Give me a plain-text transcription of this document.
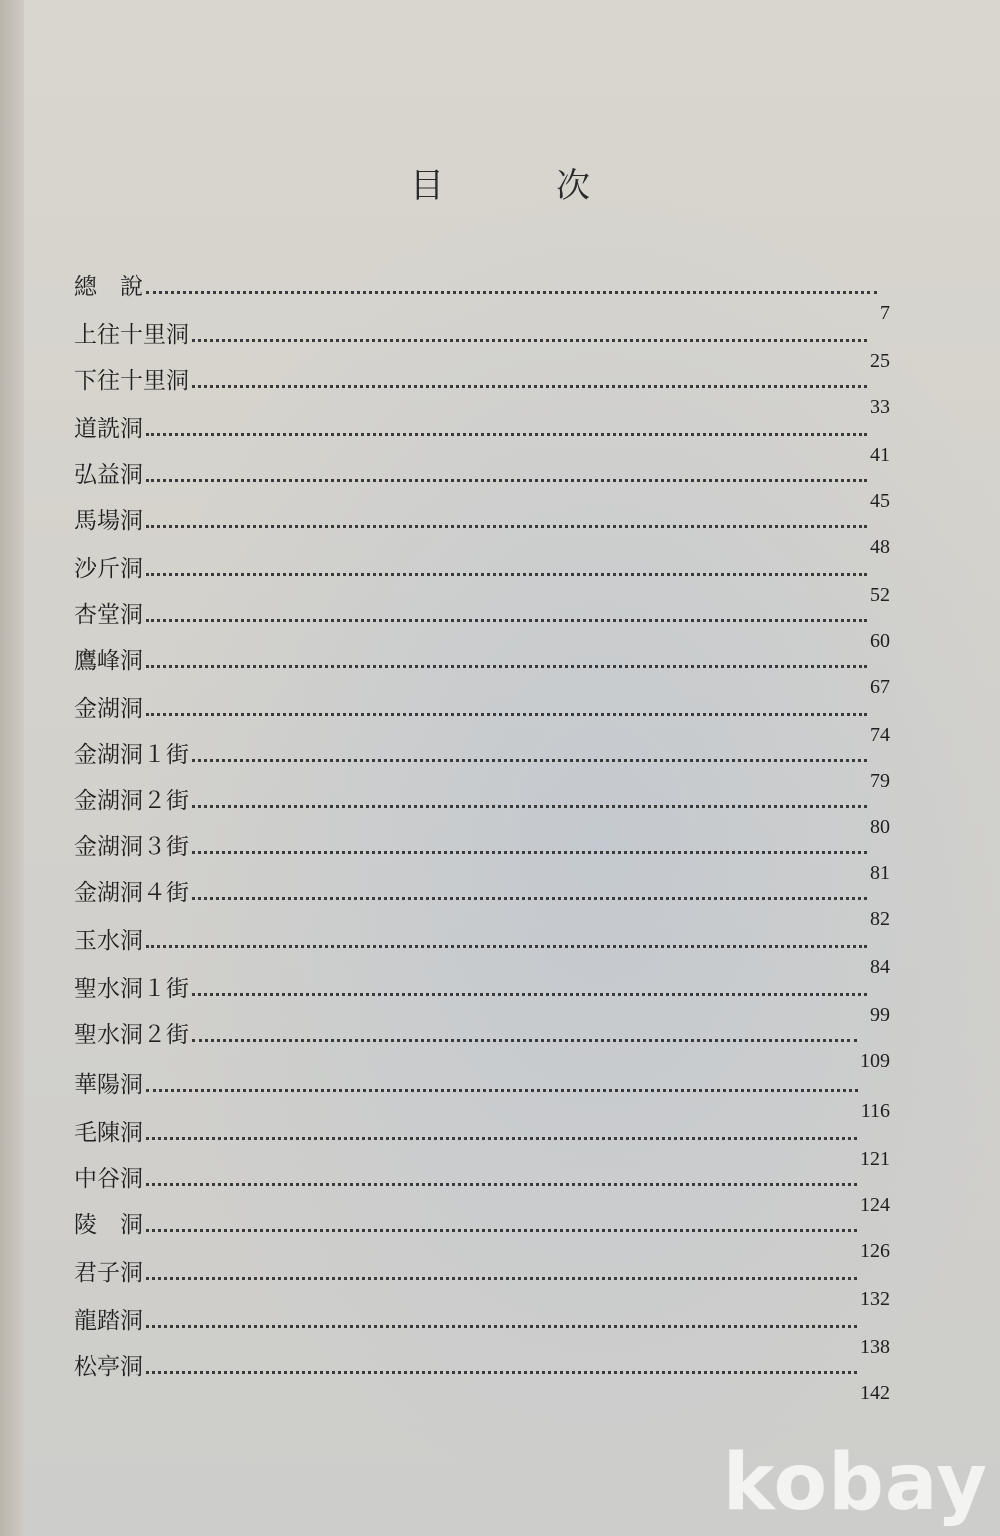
目	次
總　說
7
上往十里洞
25
下往十里洞
33
道詵洞
41
弘益洞
45
馬場洞
48
沙斤洞
52
杏堂洞
60
鷹峰洞
67
金湖洞
74
金湖洞１街
79
金湖洞２街
80
金湖洞３街
81
金湖洞４街
82
玉水洞
84
聖水洞１街
99
聖水洞２街
109
華陽洞
116
毛陳洞
121
中谷洞
124
陵　洞
126
君子洞
132
龍踏洞
138
松亭洞
142
kobay
